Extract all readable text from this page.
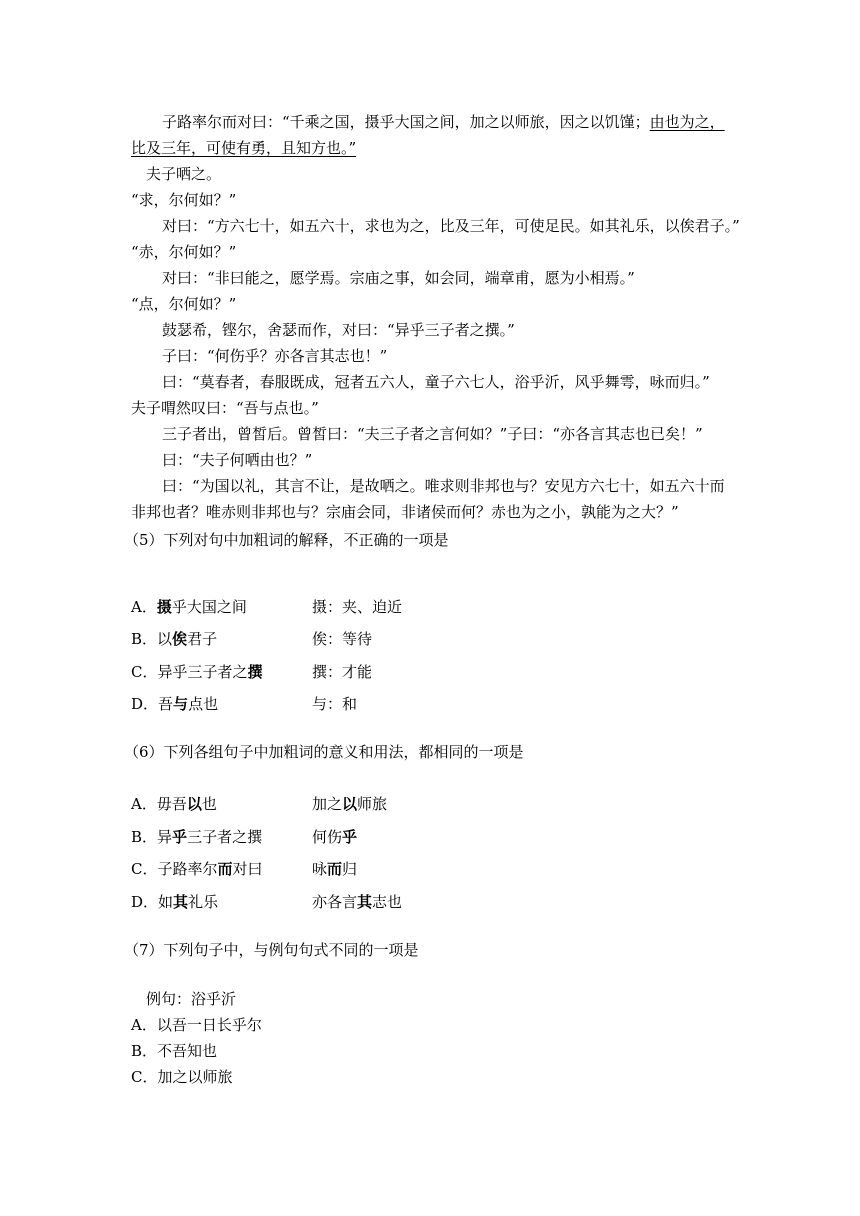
子路率尔而对曰：“千乘之国，摄乎大国之间，加之以师旅，因之以饥馑；由也为之，
比及三年，可使有勇，且知方也。”
夫子哂之。
“求，尔何如？”
对曰：“方六七十，如五六十，求也为之，比及三年，可使足民。如其礼乐，以俟君子。”
“赤，尔何如？”
对曰：“非曰能之，愿学焉。宗庙之事，如会同，端章甫，愿为小相焉。”
“点，尔何如？”
鼓瑟希，铿尔，舍瑟而作，对曰：“异乎三子者之撰。”
子曰：“何伤乎？亦各言其志也！”
曰：“莫春者，春服既成，冠者五六人，童子六七人，浴乎沂，风乎舞雩，咏而归。”
夫子喟然叹曰：“吾与点也。”
三子者出，曾皙后。曾皙曰：“夫三子者之言何如？”子曰：“亦各言其志也已矣！”
曰：“夫子何哂由也？”
曰：“为国以礼，其言不让，是故哂之。唯求则非邦也与？安见方六七十，如五六十而
非邦也者？唯赤则非邦也与？宗庙会同，非诸侯而何？赤也为之小，孰能为之大？”
（5）下列对句中加粗词的解释，不正确的一项是
A．摄乎大国之间	摄：夹、迫近
B．以俟君子	俟：等待
C．异乎三子者之撰	撰：才能
D．吾与点也	与：和
（6）下列各组句子中加粗词的意义和用法，都相同的一项是
A．毋吾以也	加之以师旅
B．异乎三子者之撰	何伤乎
C．子路率尔而对曰	咏而归
D．如其礼乐	亦各言其志也
（7）下列句子中，与例句句式不同的一项是
例句：浴乎沂
A．以吾一日长乎尔
B．不吾知也
C．加之以师旅
